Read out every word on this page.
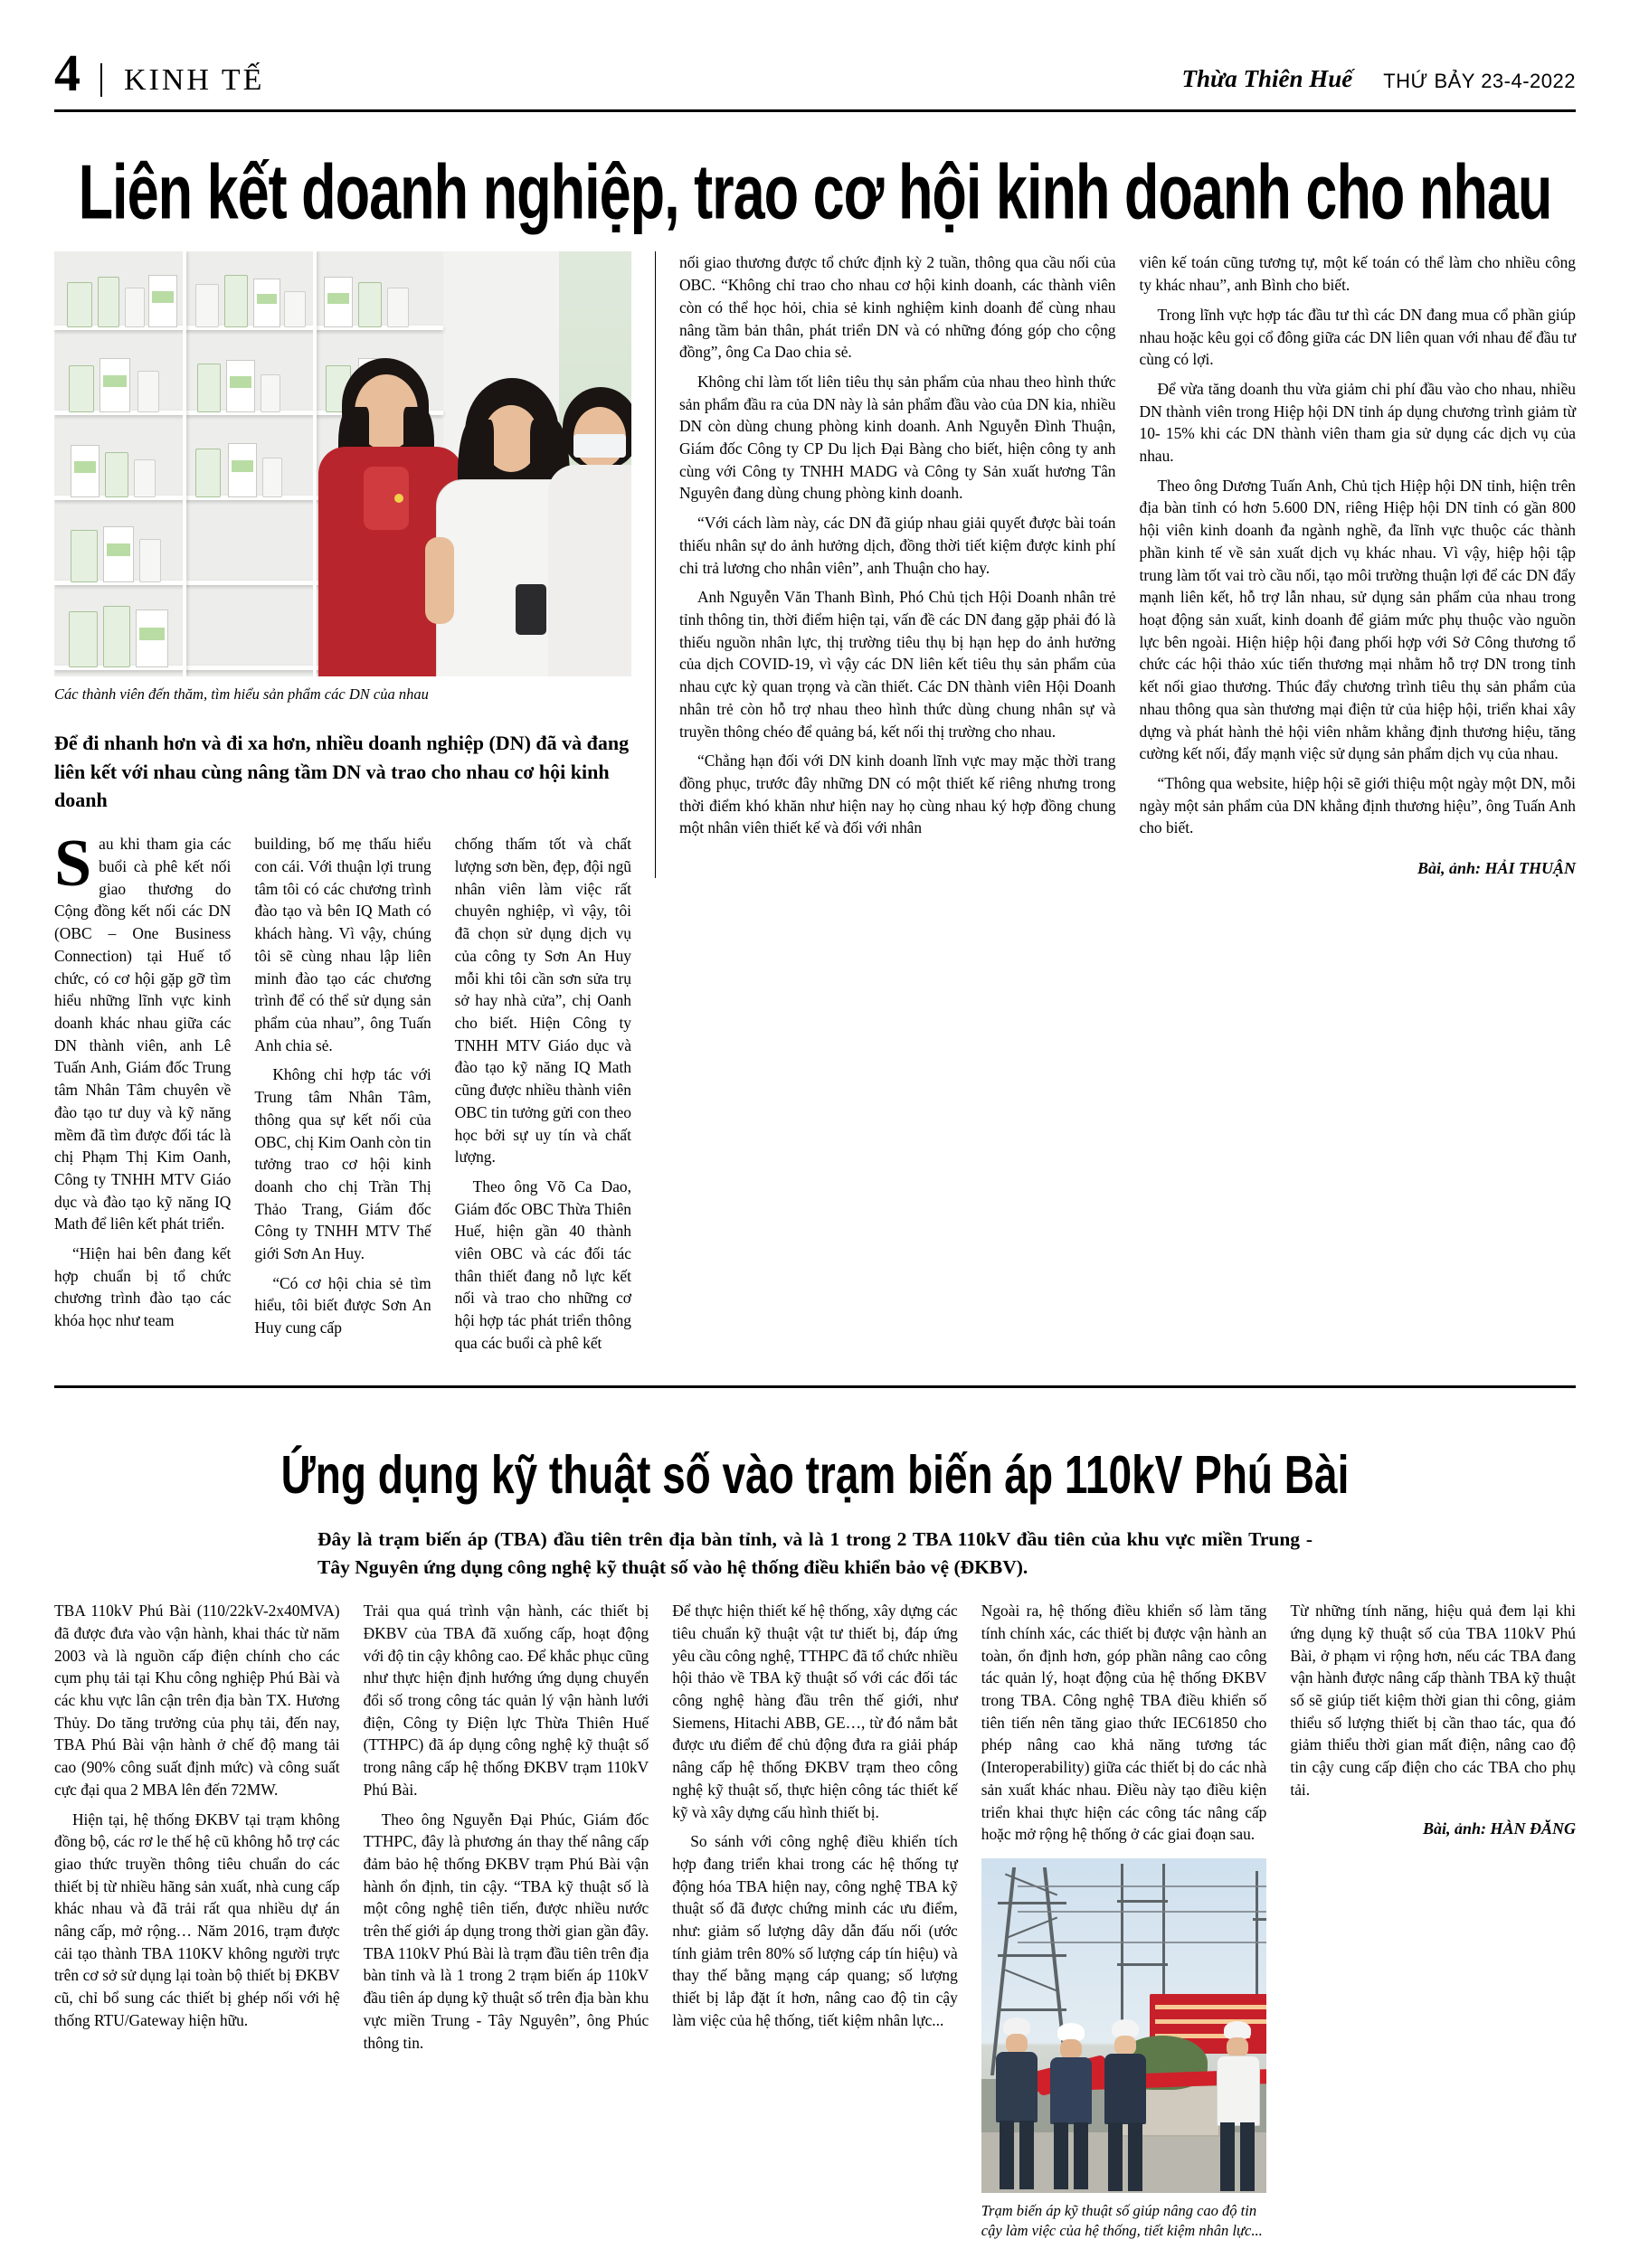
4	KINH TẾ	Thừa Thiên Huế THỨ BẢY 23-4-2022
Liên kết doanh nghiệp, trao cơ hội kinh doanh cho nhau
Các thành viên đến thăm, tìm hiểu sản phẩm các DN của nhau
Để đi nhanh hơn và đi xa hơn, nhiều doanh nghiệp (DN) đã và đang liên kết với nhau cùng nâng tầm DN và trao cho nhau cơ hội kinh doanh

Sau khi tham gia các buổi cà phê kết nối giao thương do Cộng đồng kết nối các DN (OBC – One Business Connection) tại Huế tổ chức, có cơ hội gặp gỡ tìm hiểu những lĩnh vực kinh doanh khác nhau giữa các DN thành viên, anh Lê Tuấn Anh, Giám đốc Trung tâm Nhân Tâm chuyên về đào tạo tư duy và kỹ năng mềm đã tìm được đối tác là chị Phạm Thị Kim Oanh, Công ty TNHH MTV Giáo dục và đào tạo kỹ năng IQ Math để liên kết phát triển.

“Hiện hai bên đang kết hợp chuẩn bị tổ chức chương trình đào tạo các khóa học như team

building, bố mẹ thấu hiểu con cái. Với thuận lợi trung tâm tôi có các chương trình đào tạo và bên IQ Math có khách hàng. Vì vậy, chúng tôi sẽ cùng nhau lập liên minh đào tạo các chương trình để có thể sử dụng sản phẩm của nhau”, ông Tuấn Anh chia sẻ.

Không chỉ hợp tác với Trung tâm Nhân Tâm, thông qua sự kết nối của OBC, chị Kim Oanh còn tin tưởng trao cơ hội kinh doanh cho chị Trần Thị Thảo Trang, Giám đốc Công ty TNHH MTV Thế giới Sơn An Huy.

“Có cơ hội chia sẻ tìm hiểu, tôi biết được Sơn An Huy cung cấp

chống thấm tốt và chất lượng sơn bền, đẹp, đội ngũ nhân viên làm việc rất chuyên nghiệp, vì vậy, tôi đã chọn sử dụng dịch vụ của công ty Sơn An Huy mỗi khi tôi cần sơn sửa trụ sở hay nhà cửa”, chị Oanh cho biết. Hiện Công ty TNHH MTV Giáo dục và đào tạo kỹ năng IQ Math cũng được nhiều thành viên OBC tin tưởng gửi con theo học bởi sự uy tín và chất lượng.

Theo ông Võ Ca Dao, Giám đốc OBC Thừa Thiên Huế, hiện gần 40 thành viên OBC và các đối tác thân thiết đang nỗ lực kết nối và trao cho những cơ hội hợp tác phát triển thông qua các buổi cà phê kết

nối giao thương được tổ chức định kỳ 2 tuần, thông qua cầu nối của OBC. “Không chỉ trao cho nhau cơ hội kinh doanh, các thành viên còn có thể học hỏi, chia sẻ kinh nghiệm kinh doanh để cùng nhau nâng tầm bản thân, phát triển DN và có những đóng góp cho cộng đồng”, ông Ca Dao chia sẻ.

Không chỉ làm tốt liên tiêu thụ sản phẩm của nhau theo hình thức sản phẩm đầu ra của DN này là sản phẩm đầu vào của DN kia, nhiều DN còn dùng chung phòng kinh doanh. Anh Nguyễn Đình Thuận, Giám đốc Công ty CP Du lịch Đại Bàng cho biết, hiện công ty anh cùng với Công ty TNHH MADG và Công ty Sản xuất hương Tân Nguyên đang dùng chung phòng kinh doanh.

“Với cách làm này, các DN đã giúp nhau giải quyết được bài toán thiếu nhân sự do ảnh hưởng dịch, đồng thời tiết kiệm được kinh phí chi trả lương cho nhân viên”, anh Thuận cho hay.

Anh Nguyễn Văn Thanh Bình, Phó Chủ tịch Hội Doanh nhân trẻ tỉnh thông tin, thời điểm hiện tại, vấn đề các DN đang gặp phải đó là thiếu nguồn nhân lực, thị trường tiêu thụ bị hạn hẹp do ảnh hưởng của dịch COVID-19, vì vậy các DN liên kết tiêu thụ sản phẩm của nhau cực kỳ quan trọng và cần thiết. Các DN thành viên Hội Doanh nhân trẻ còn hỗ trợ nhau theo hình thức dùng chung nhân sự và truyền thông chéo để quảng bá, kết nối thị trường cho nhau.

“Chẳng hạn đối với DN kinh doanh lĩnh vực may mặc thời trang đồng phục, trước đây những DN có một thiết kế riêng nhưng trong thời điểm khó khăn như hiện nay họ cùng nhau ký hợp đồng chung một nhân viên thiết kế và đối với nhân

viên kế toán cũng tương tự, một kế toán có thể làm cho nhiều công ty khác nhau”, anh Bình cho biết.

Trong lĩnh vực hợp tác đầu tư thì các DN đang mua cổ phần giúp nhau hoặc kêu gọi cổ đông giữa các DN liên quan với nhau để đầu tư cùng có lợi.

Để vừa tăng doanh thu vừa giảm chi phí đầu vào cho nhau, nhiều DN thành viên trong Hiệp hội DN tỉnh áp dụng chương trình giảm từ 10- 15% khi các DN thành viên tham gia sử dụng các dịch vụ của nhau.

Theo ông Dương Tuấn Anh, Chủ tịch Hiệp hội DN tỉnh, hiện trên địa bàn tỉnh có hơn 5.600 DN, riêng Hiệp hội DN tỉnh có gần 800 hội viên kinh doanh đa ngành nghề, đa lĩnh vực thuộc các thành phần kinh tế về sản xuất dịch vụ khác nhau. Vì vậy, hiệp hội tập trung làm tốt vai trò cầu nối, tạo môi trường thuận lợi để các DN đẩy mạnh liên kết, hỗ trợ lẫn nhau, sử dụng sản phẩm của nhau trong hoạt động sản xuất, kinh doanh để giảm mức phụ thuộc vào nguồn lực bên ngoài. Hiện hiệp hội đang phối hợp với Sở Công thương tổ chức các hội thảo xúc tiến thương mại nhằm hỗ trợ DN trong tỉnh kết nối giao thương. Thúc đẩy chương trình tiêu thụ sản phẩm của nhau thông qua sàn thương mại điện tử của hiệp hội, triển khai xây dựng và phát hành thẻ hội viên nhằm khẳng định thương hiệu, tăng cường kết nối, đẩy mạnh việc sử dụng sản phẩm dịch vụ của nhau.

“Thông qua website, hiệp hội sẽ giới thiệu một ngày một DN, mỗi ngày một sản phẩm của DN khẳng định thương hiệu”, ông Tuấn Anh cho biết.

Bài, ảnh: HẢI THUẬN
Ứng dụng kỹ thuật số vào trạm biến áp 110kV Phú Bài
Đây là trạm biến áp (TBA) đầu tiên trên địa bàn tỉnh, và là 1 trong 2 TBA 110kV đầu tiên của khu vực miền Trung - Tây Nguyên ứng dụng công nghệ kỹ thuật số vào hệ thống điều khiển bảo vệ (ĐKBV).

TBA 110kV Phú Bài (110/22kV-2x40MVA) đã được đưa vào vận hành, khai thác từ năm 2003 và là nguồn cấp điện chính cho các cụm phụ tải tại Khu công nghiệp Phú Bài và các khu vực lân cận trên địa bàn TX. Hương Thủy. Do tăng trưởng của phụ tải, đến nay, TBA Phú Bài vận hành ở chế độ mang tải cao (90% công suất định mức) và công suất cực đại qua 2 MBA lên đến 72MW.

Hiện tại, hệ thống ĐKBV tại trạm không đồng bộ, các rơ le thế hệ cũ không hỗ trợ các giao thức truyền thông tiêu chuẩn do các thiết bị từ nhiều hãng sản xuất, nhà cung cấp khác nhau và đã trải rất qua nhiều dự án nâng cấp, mở rộng… Năm 2016, trạm được cải tạo thành TBA 110KV không người trực trên cơ sở sử dụng lại toàn bộ thiết bị ĐKBV cũ, chỉ bổ sung các thiết bị ghép nối với hệ thống RTU/Gateway hiện hữu.

Trải qua quá trình vận hành, các thiết bị ĐKBV của TBA đã xuống cấp, hoạt động với độ tin cậy không cao. Để khắc phục cũng như thực hiện định hướng ứng dụng chuyển đổi số trong công tác quản lý vận hành lưới điện, Công ty Điện lực Thừa Thiên Huế (TTHPC) đã áp dụng công nghệ kỹ thuật số trong nâng cấp hệ thống ĐKBV trạm 110kV Phú Bài.

Theo ông Nguyễn Đại Phúc, Giám đốc TTHPC, đây là phương án thay thế nâng cấp đảm bảo hệ thống ĐKBV trạm Phú Bài vận hành ổn định, tin cậy. “TBA kỹ thuật số là một công nghệ tiên tiến, được nhiều nước trên thế giới áp dụng trong thời gian gần đây. TBA 110kV Phú Bài là trạm đầu tiên trên địa bàn tỉnh và là 1 trong 2 trạm biến áp 110kV đầu tiên áp dụng kỹ thuật số trên địa bàn khu vực miền Trung - Tây Nguyên”, ông Phúc thông tin.

Để thực hiện thiết kế hệ thống, xây dựng các tiêu chuẩn kỹ thuật vật tư thiết bị, đáp ứng yêu cầu công nghệ, TTHPC đã tổ chức nhiều hội thảo về TBA kỹ thuật số với các đối tác công nghệ hàng đầu trên thế giới, như Siemens, Hitachi ABB, GE…, từ đó nắm bắt được ưu điểm để chủ động đưa ra giải pháp nâng cấp hệ thống ĐKBV trạm theo công nghệ kỹ thuật số, thực hiện công tác thiết kế kỹ và xây dựng cấu hình thiết bị.

So sánh với công nghệ điều khiển tích hợp đang triển khai trong các hệ thống tự động hóa TBA hiện nay, công nghệ TBA kỹ thuật số đã được chứng minh các ưu điểm, như: giảm số lượng dây dẫn đấu nối (ước tính giảm trên 80% số lượng cáp tín hiệu) và thay thế bằng mạng cáp quang; số lượng thiết bị lắp đặt ít hơn, nâng cao độ tin cậy làm việc của hệ thống, tiết kiệm nhân lực...

Ngoài ra, hệ thống điều khiển số làm tăng tính chính xác, các thiết bị được vận hành an toàn, ổn định hơn, góp phần nâng cao công tác quản lý, hoạt động của hệ thống ĐKBV trong TBA. Công nghệ TBA điều khiển số tiên tiến nên tăng giao thức IEC61850 cho phép nâng cao khả năng tương tác (Interoperability) giữa các thiết bị do các nhà sản xuất khác nhau. Điều này tạo điều kiện triển khai thực hiện các công tác nâng cấp hoặc mở rộng hệ thống ở các giai đoạn sau.

Trạm biến áp kỹ thuật số giúp nâng cao độ tin cậy làm việc của hệ thống, tiết kiệm nhân lực...

Từ những tính năng, hiệu quả đem lại khi ứng dụng kỹ thuật số của TBA 110kV Phú Bài, ở phạm vi rộng hơn, nếu các TBA đang vận hành được nâng cấp thành TBA kỹ thuật số sẽ giúp tiết kiệm thời gian thi công, giảm thiểu số lượng thiết bị cần thao tác, qua đó giảm thiểu thời gian mất điện, nâng cao độ tin cậy cung cấp điện cho các TBA cho phụ tải.

Bài, ảnh: HÀN ĐĂNG
